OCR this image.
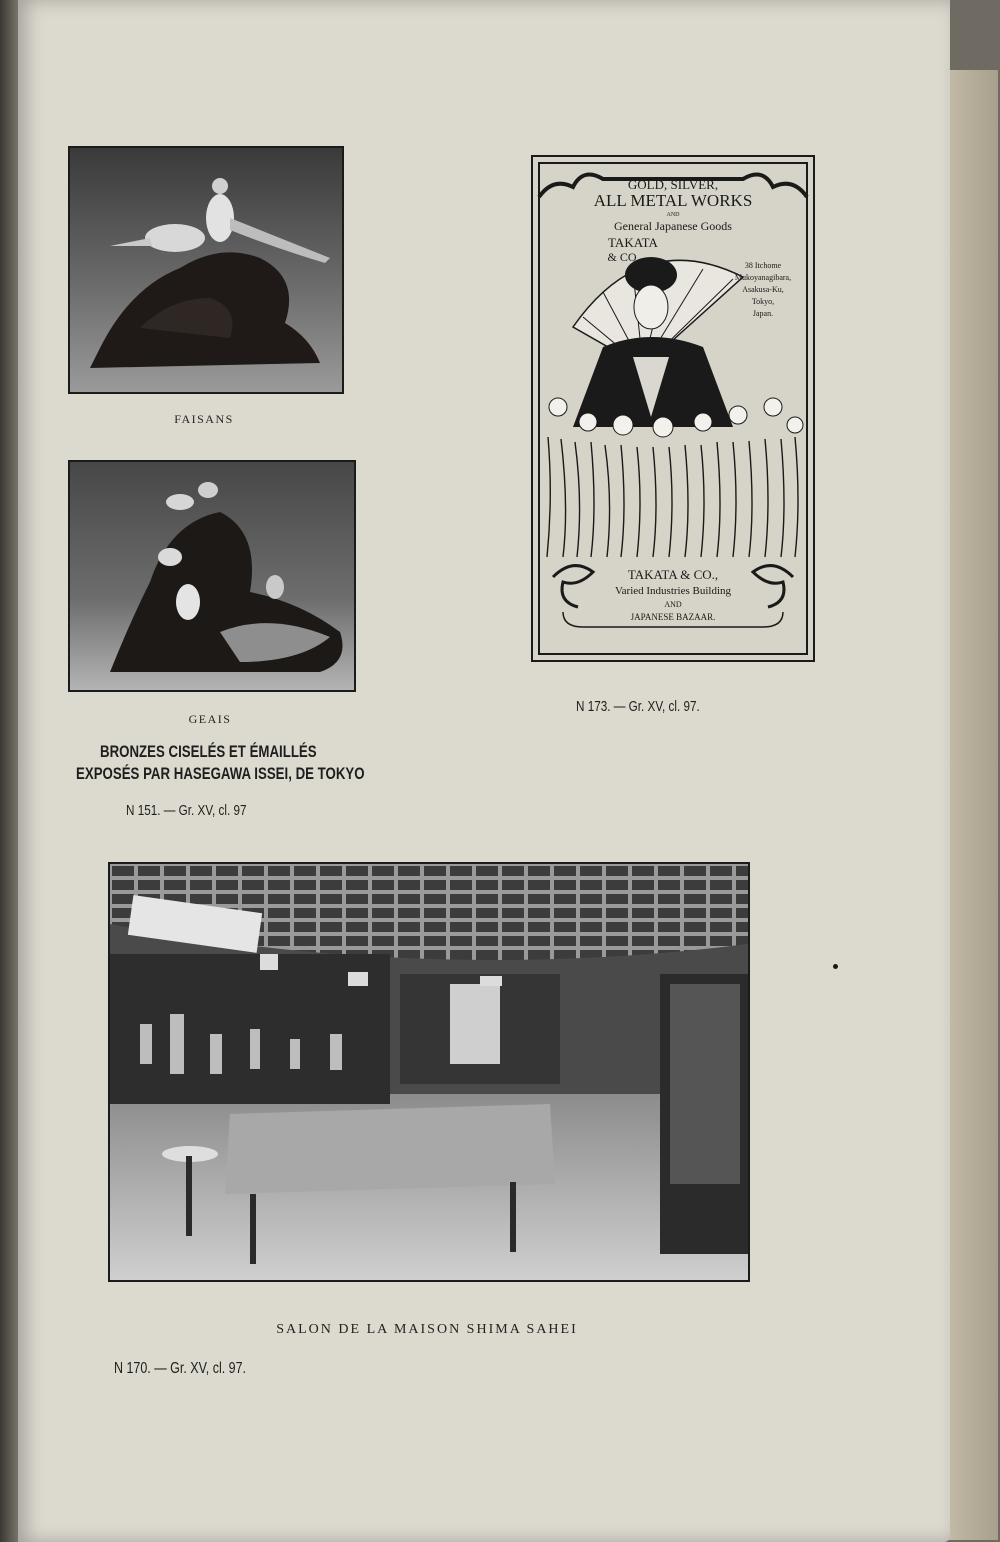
FAISANS
GEAIS
BRONZES CISELÉS ET ÉMAILLÉS
EXPOSÉS PAR HASEGAWA ISSEI, DE TOKYO
N 151. — Gr. XV, cl. 97
GOLD, SILVER,
ALL METAL WORKS
AND
General Japanese Goods
TAKATA
& CO.,
38 Itchome
Mukoyanagibara,
Asakusa-Ku,
Tokyo,
Japan.
TAKATA & CO.,
Varied Industries Building
AND
JAPANESE BAZAAR.
N 173. — Gr. XV, cl. 97.
SALON DE LA MAISON SHIMA SAHEI
N 170. — Gr. XV, cl. 97.
